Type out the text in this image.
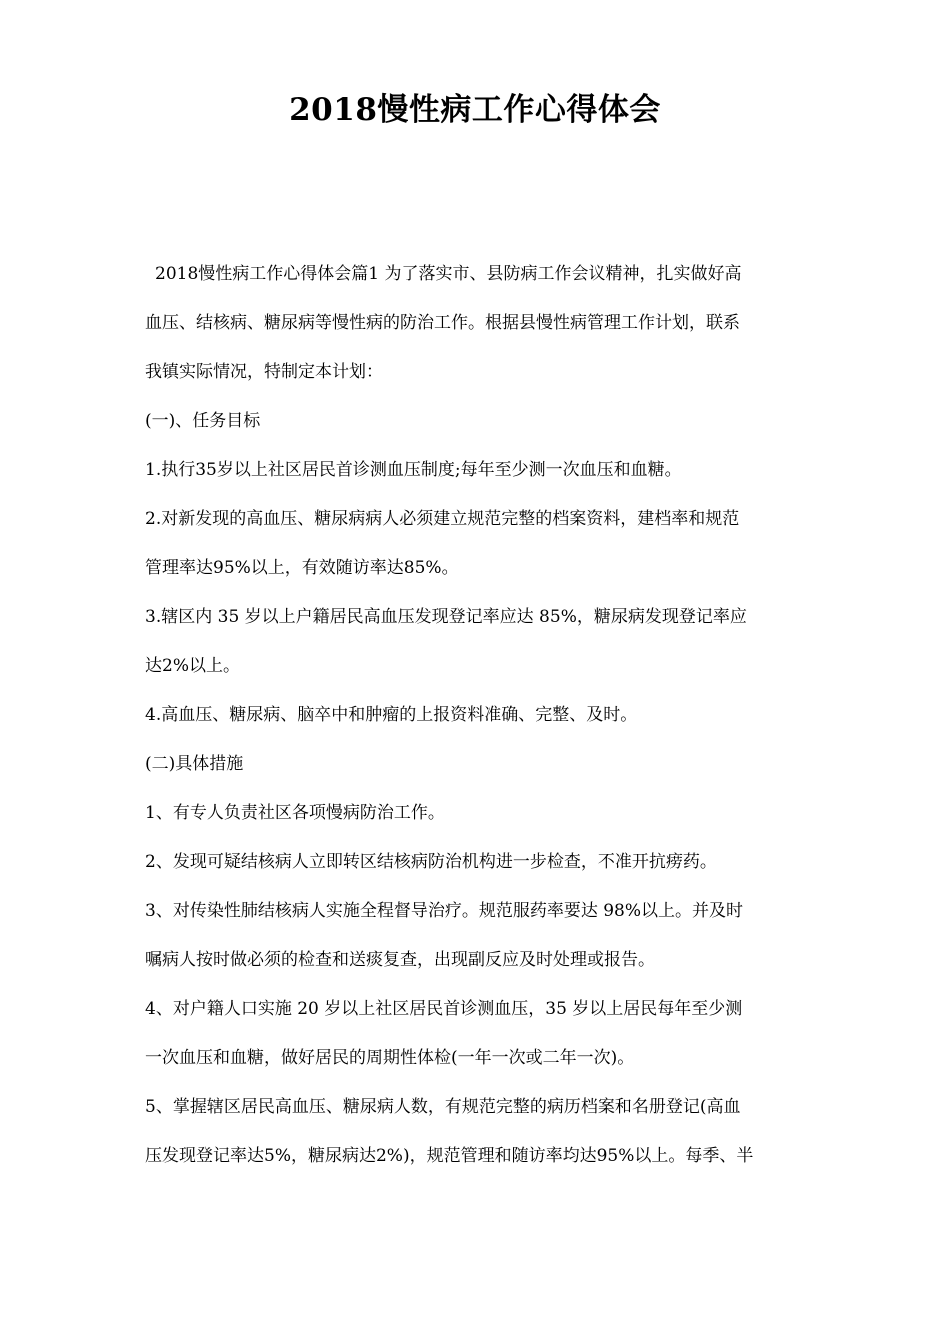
2018慢性病工作心得体会
2018慢性病工作心得体会篇1 为了落实市、县防病工作会议精神，扎实做好高
血压、结核病、糖尿病等慢性病的防治工作。根据县慢性病管理工作计划，联系
我镇实际情况，特制定本计划：
(一)、任务目标
1.执行35岁以上社区居民首诊测血压制度;每年至少测一次血压和血糖。
2.对新发现的高血压、糖尿病病人必须建立规范完整的档案资料，建档率和规范
管理率达95%以上，有效随访率达85%。
3.辖区内 35 岁以上户籍居民高血压发现登记率应达 85%，糖尿病发现登记率应
达2%以上。
4.高血压、糖尿病、脑卒中和肿瘤的上报资料准确、完整、及时。
(二)具体措施
1、有专人负责社区各项慢病防治工作。
2、发现可疑结核病人立即转区结核病防治机构进一步检查，不准开抗痨药。
3、对传染性肺结核病人实施全程督导治疗。规范服药率要达 98%以上。并及时
嘱病人按时做必须的检查和送痰复查，出现副反应及时处理或报告。
4、对户籍人口实施 20 岁以上社区居民首诊测血压，35 岁以上居民每年至少测
一次血压和血糖，做好居民的周期性体检(一年一次或二年一次)。
5、掌握辖区居民高血压、糖尿病人数，有规范完整的病历档案和名册登记(高血
压发现登记率达5%，糖尿病达2%)，规范管理和随访率均达95%以上。每季、半
